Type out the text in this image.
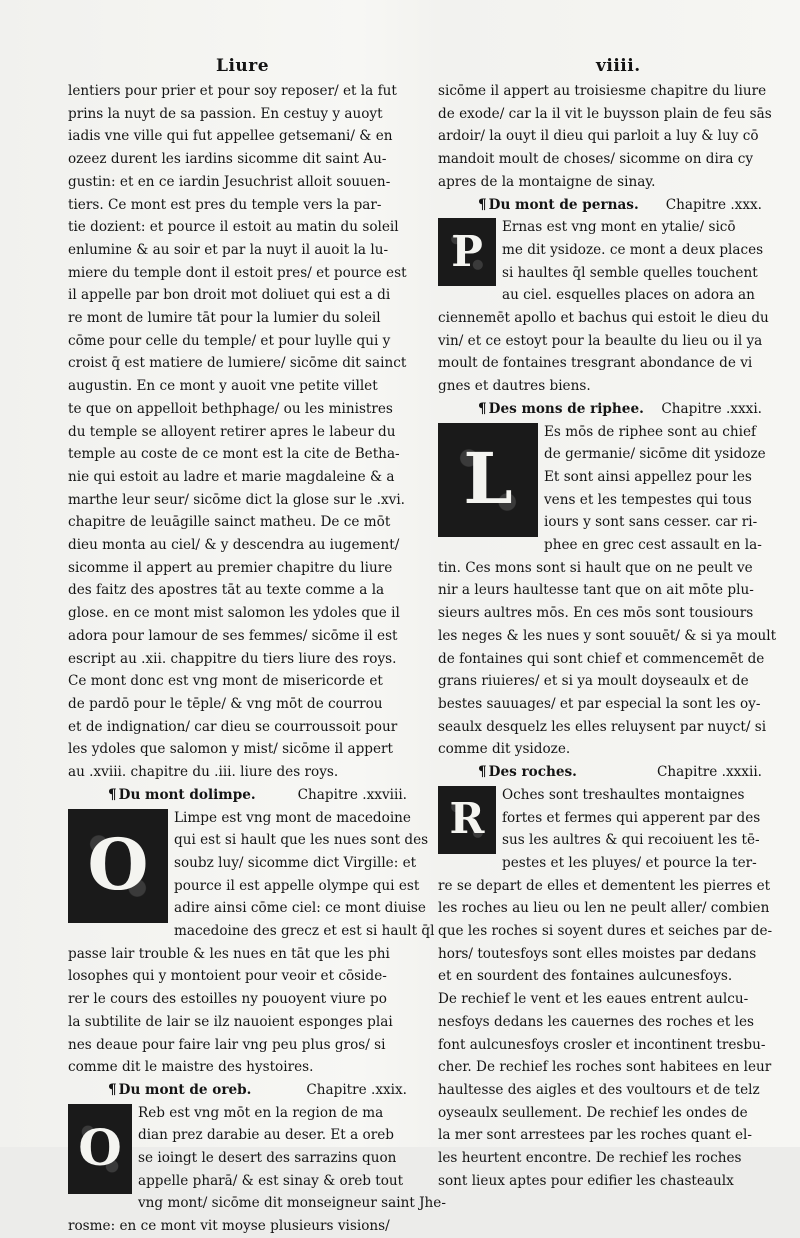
Liure	viiii.
lentiers pour prier et pour soy reposer/ et la fut
prins la nuyt de sa passion. En cestuy y auoyt
iadis vne ville qui fut appellee getsemani/ & en
ozeez durent les iardins sicomme dit saint Au-
gustin: et en ce iardin Jesuchrist alloit souuen-
tiers. Ce mont est pres du temple vers la par-
tie dozient: et pource il estoit au matin du soleil
enlumine & au soir et par la nuyt il auoit la lu-
miere du temple dont il estoit pres/ et pource est
il appelle par bon droit mot doliuet qui est a di
re mont de lumire tāt pour la lumier du soleil
cōme pour celle du temple/ et pour luylle qui y
croist q̄ est matiere de lumiere/ sicōme dit sainct
augustin. En ce mont y auoit vne petite villet
te que on appelloit bethphage/ ou les ministres
du temple se alloyent retirer apres le labeur du
temple au coste de ce mont est la cite de Betha-
nie qui estoit au ladre et marie magdaleine & a
marthe leur seur/ sicōme dict la glose sur le .xvi.
chapitre de leuāgille sainct matheu. De ce mōt
dieu monta au ciel/ & y descendra au iugement/
sicomme il appert au premier chapitre du liure
des faitz des apostres tāt au texte comme a la
glose. en ce mont mist salomon les ydoles que il
adora pour lamour de ses femmes/ sicōme il est
escript au .xii. chappitre du tiers liure des roys.
Ce mont donc est vng mont de misericorde et
de pardō pour le tēple/ & vng mōt de courrou
et de indignation/ car dieu se courroussoit pour
les ydoles que salomon y mist/ sicōme il appert
au .xviii. chapitre du .iii. liure des roys.
¶ Du mont dolimpe.	Chapitre .xxviii.
O
Limpe est vng mont de macedoine
qui est si hault que les nues sont des
soubz luy/ sicomme dict Virgille: et
pource il est appelle olympe qui est
adire ainsi cōme ciel: ce mont diuise
macedoine des grecz et est si hault q̄l
passe lair trouble & les nues en tāt que les phi
losophes qui y montoient pour veoir et cōside-
rer le cours des estoilles ny pouoyent viure po
la subtilite de lair se ilz nauoient esponges plai
nes deaue pour faire lair vng peu plus gros/ si
comme dit le maistre des hystoires.
¶ Du mont de oreb.	Chapitre .xxix.
O
Reb est vng mōt en la region de ma
dian prez darabie au deser. Et a oreb
se ioingt le desert des sarrazins quon
appelle pharā/ & est sinay & oreb tout
vng mont/ sicōme dit monseigneur saint Jhe-
rosme: en ce mont vit moyse plusieurs visions/
sicōme il appert au troisiesme chapitre du liure
de exode/ car la il vit le buysson plain de feu sās
ardoir/ la ouyt il dieu qui parloit a luy & luy cō
mandoit moult de choses/ sicomme on dira cy
apres de la montaigne de sinay.
¶ Du mont de pernas. Chapitre .xxx.
P	Ernas est vng mont en ytalie/ sicō
me dit ysidoze. ce mont a deux places
si haultes q̄l semble quelles touchent
au ciel. esquelles places on adora an
ciennemēt apollo et bachus qui estoit le dieu du
vin/ et ce estoyt pour la beaulte du lieu ou il ya
moult de fontaines tresgrant abondance de vi
gnes et dautres biens.
¶ Des mons de riphee. Chapitre .xxxi.
L
Es mōs de riphee sont au chief
de germanie/ sicōme dit ysidoze
Et sont ainsi appellez pour les
vens et les tempestes qui tous
iours y sont sans cesser. car ri-
phee en grec cest assault en la-
tin. Ces mons sont si hault que on ne peult ve
nir a leurs haultesse tant que on ait mōte plu-
sieurs aultres mōs. En ces mōs sont tousiours
les neges & les nues y sont souuēt/ & si ya moult
de fontaines qui sont chief et commencemēt de
grans riuieres/ et si ya moult doyseaulx et de
bestes sauuages/ et par especial la sont les oy-
seaulx desquelz les elles reluysent par nuyct/ si
comme dit ysidoze.
¶ Des roches.	Chapitre .xxxii.
R	Oches sont treshaultes montaignes
fortes et fermes qui apperent par des
sus les aultres & qui recoiuent les tē-
pestes et les pluyes/ et pource la ter-
re se depart de elles et dementent les pierres et
les roches au lieu ou len ne peult aller/ combien
que les roches si soyent dures et seiches par de-
hors/ toutesfoys sont elles moistes par dedans
et en sourdent des fontaines aulcunesfoys.
De rechief le vent et les eaues entrent aulcu-
nesfoys dedans les cauernes des roches et les
font aulcunesfoys crosler et incontinent tresbu-
cher. De rechief les roches sont habitees en leur
haultesse des aigles et des voultours et de telz
oyseaulx seullement. De rechief les ondes de
la mer sont arrestees par les roches quant el-
les heurtent encontre. De rechief les roches
sont lieux aptes pour edifier les chasteaulx
